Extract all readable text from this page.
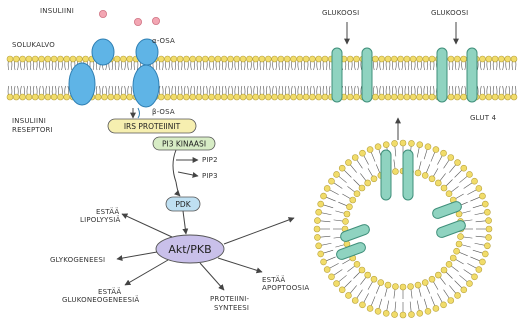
IRS PROTEIINIT
PI3 KINAASI
PDK
Akt/PKB
INSULIINI
SOLUKALVO	α-OSA
β-OSA
INSULIINI
RESEPTORI
PIP2
PIP3
ESTÄÄ
LIPOLYYSIÄ
GLYKOGENEESI
ESTÄÄ
GLUKONEOGENEESIÄ	PROTEIINI-
SYNTEESI
ESTÄÄ
APOPTOOSIA
GLUKOOSI	GLUKOOSI
GLUT 4
